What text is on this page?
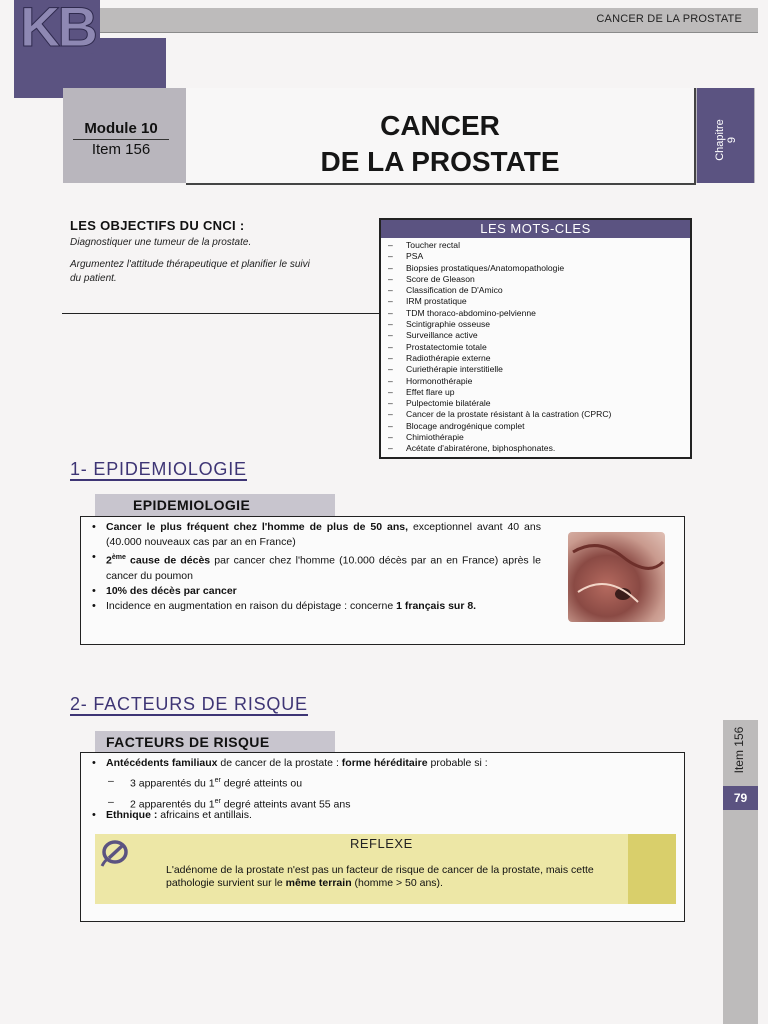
CANCER DE LA PROSTATE
KB
Module 10
Item 156
CANCER
DE LA PROSTATE
Chapitre 9
LES OBJECTIFS DU CNCI :
Diagnostiquer une tumeur de la prostate.
Argumentez l'attitude thérapeutique et planifier le suivi
du patient.
LES MOTS-CLES
– Toucher rectal
– PSA
– Biopsies prostatiques/Anatomopathologie
– Score de Gleason
– Classification de D'Amico
– IRM prostatique
– TDM thoraco-abdomino-pelvienne
– Scintigraphie osseuse
– Surveillance active
– Prostatectomie totale
– Radiothérapie externe
– Curiethérapie interstitielle
– Hormonothérapie
– Effet flare up
– Pulpectomie bilatérale
– Cancer de la prostate résistant à la castration (CPRC)
– Blocage androgénique complet
– Chimiothérapie
– Acétate d'abiratérone, biphosphonates.
1- EPIDEMIOLOGIE
EPIDEMIOLOGIE
• Cancer le plus fréquent chez l'homme de plus de 50 ans, exceptionnel avant 40 ans (40.000 nouveaux cas par an en France)
• 2ème cause de décès par cancer chez l'homme (10.000 décès par an en France) après le cancer du poumon
• 10% des décès par cancer
• Incidence en augmentation en raison du dépistage : concerne 1 français sur 8.
2- FACTEURS DE RISQUE
FACTEURS DE RISQUE
• Antécédents familiaux de cancer de la prostate : forme héréditaire probable si :
– 3 apparentés du 1er degré atteints ou
– 2 apparentés du 1er degré atteints avant 55 ans
• Ethnique : africains et antillais.
REFLEXE
L'adénome de la prostate n'est pas un facteur de risque de cancer de la prostate, mais cette pathologie survient sur le même terrain (homme > 50 ans).
Item 156
79
